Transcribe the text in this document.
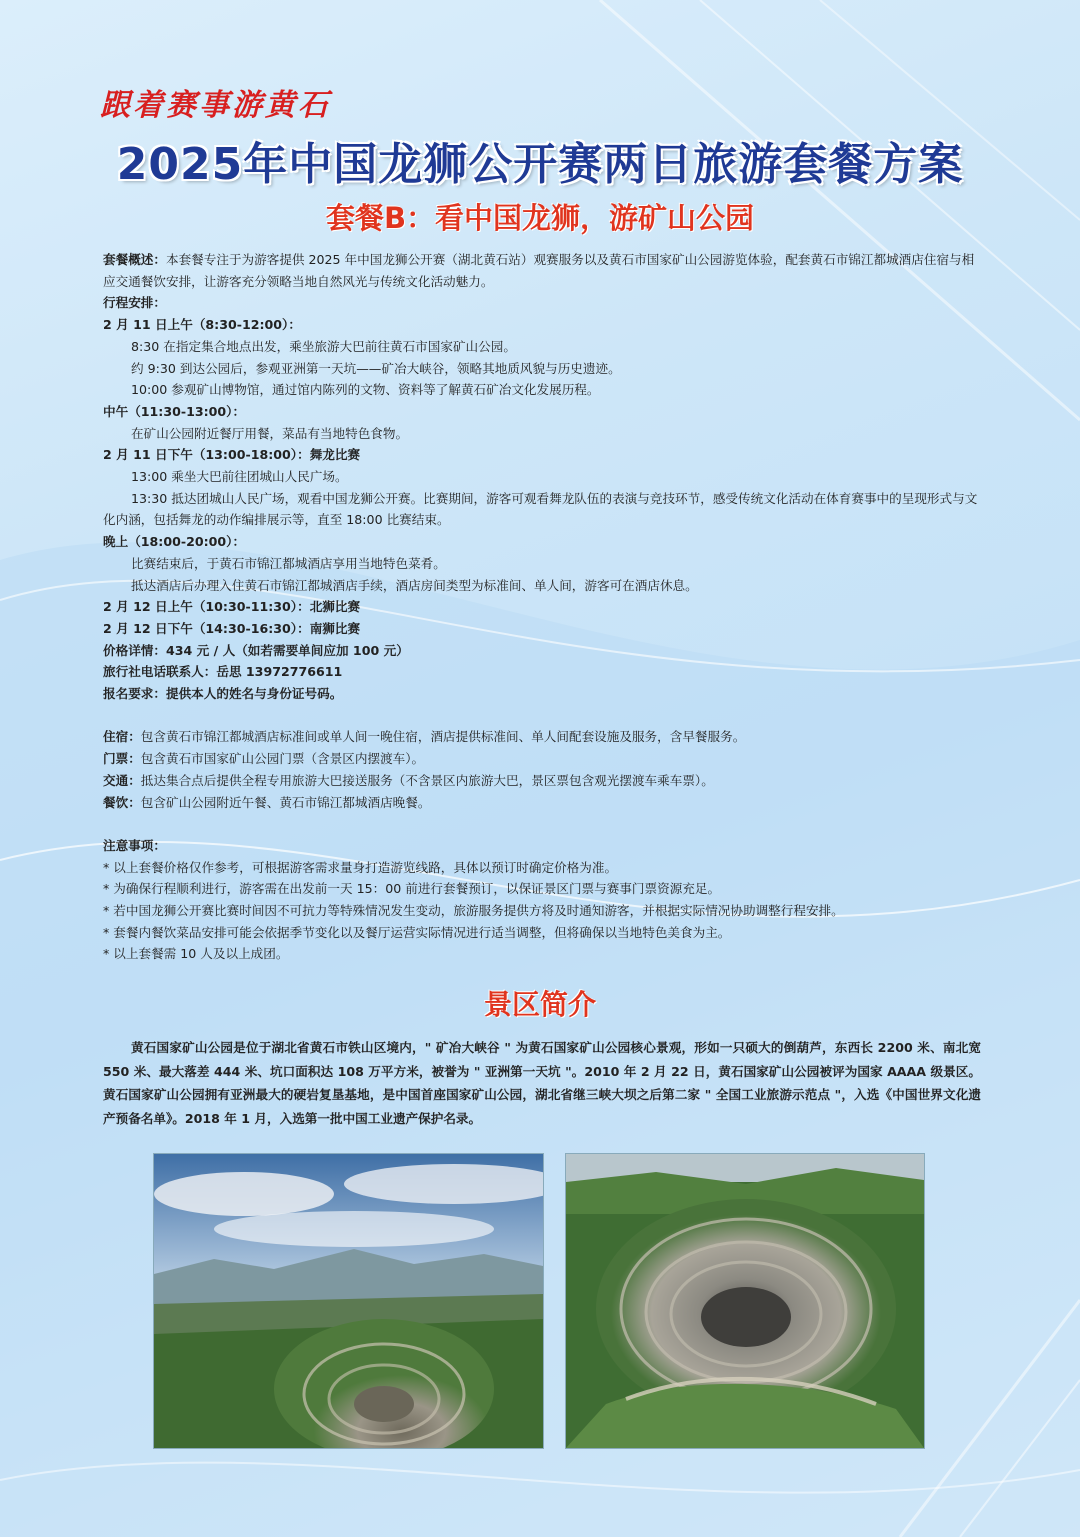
跟着赛事游黄石
2025年中国龙狮公开赛两日旅游套餐方案
套餐B：看中国龙狮，游矿山公园
套餐概述：本套餐专注于为游客提供 2025 年中国龙狮公开赛（湖北黄石站）观赛服务以及黄石市国家矿山公园游览体验，配套黄石市锦江都城酒店住宿与相应交通餐饮安排，让游客充分领略当地自然风光与传统文化活动魅力。
行程安排：
2 月 11 日上午（8:30-12:00）：
8:30 在指定集合地点出发，乘坐旅游大巴前往黄石市国家矿山公园。
约 9:30 到达公园后，参观亚洲第一天坑——矿冶大峡谷，领略其地质风貌与历史遗迹。
10:00 参观矿山博物馆，通过馆内陈列的文物、资料等了解黄石矿冶文化发展历程。
中午（11:30-13:00）：
在矿山公园附近餐厅用餐，菜品有当地特色食物。
2 月 11 日下午（13:00-18:00）：舞龙比赛
13:00 乘坐大巴前往团城山人民广场。
13:30 抵达团城山人民广场，观看中国龙狮公开赛。比赛期间，游客可观看舞龙队伍的表演与竞技环节，感受传统文化活动在体育赛事中的呈现形式与文化内涵，包括舞龙的动作编排展示等，直至 18:00 比赛结束。
晚上（18:00-20:00）：
比赛结束后，于黄石市锦江都城酒店享用当地特色菜肴。
抵达酒店后办理入住黄石市锦江都城酒店手续，酒店房间类型为标准间、单人间，游客可在酒店休息。
2 月 12 日上午（10:30-11:30）：北狮比赛
2 月 12 日下午（14:30-16:30）：南狮比赛
价格详情：434 元 / 人（如若需要单间应加 100 元）
旅行社电话联系人：岳思 13972776611
报名要求：提供本人的姓名与身份证号码。
住宿：包含黄石市锦江都城酒店标准间或单人间一晚住宿，酒店提供标准间、单人间配套设施及服务，含早餐服务。
门票：包含黄石市国家矿山公园门票（含景区内摆渡车）。
交通：抵达集合点后提供全程专用旅游大巴接送服务（不含景区内旅游大巴，景区票包含观光摆渡车乘车票）。
餐饮：包含矿山公园附近午餐、黄石市锦江都城酒店晚餐。
注意事项：
* 以上套餐价格仅作参考，可根据游客需求量身打造游览线路，具体以预订时确定价格为准。
* 为确保行程顺利进行，游客需在出发前一天 15：00 前进行套餐预订，以保证景区门票与赛事门票资源充足。
* 若中国龙狮公开赛比赛时间因不可抗力等特殊情况发生变动，旅游服务提供方将及时通知游客，并根据实际情况协助调整行程安排。
* 套餐内餐饮菜品安排可能会依据季节变化以及餐厅运营实际情况进行适当调整，但将确保以当地特色美食为主。
* 以上套餐需 10 人及以上成团。
景区简介
黄石国家矿山公园是位于湖北省黄石市铁山区境内，" 矿冶大峡谷 " 为黄石国家矿山公园核心景观，形如一只硕大的倒葫芦，东西长 2200 米、南北宽 550 米、最大落差 444 米、坑口面积达 108 万平方米，被誉为 " 亚洲第一天坑 "。2010 年 2 月 22 日，黄石国家矿山公园被评为国家 AAAA 级景区。黄石国家矿山公园拥有亚洲最大的硬岩复垦基地，是中国首座国家矿山公园，湖北省继三峡大坝之后第二家 " 全国工业旅游示范点 "，入选《中国世界文化遗产预备名单》。2018 年 1 月，入选第一批中国工业遗产保护名录。
